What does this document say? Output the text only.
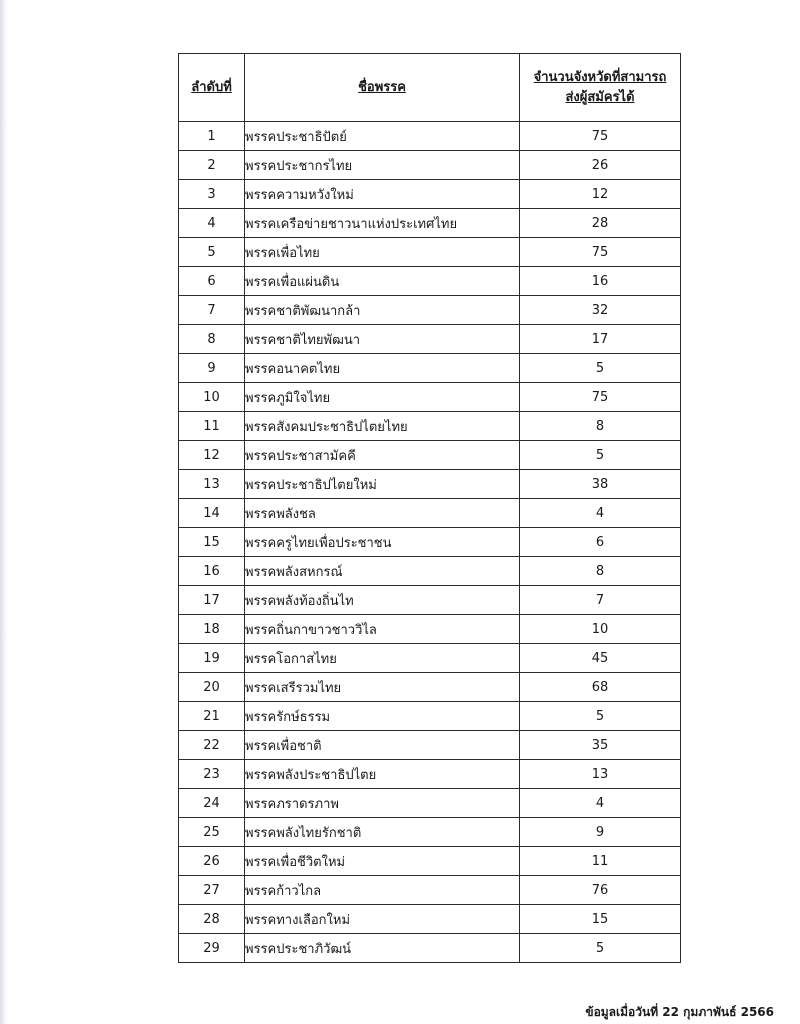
ลำดับที่	ชื่อพรรค	จำนวนจังหวัดที่สามารถ
ส่งผู้สมัครได้
1	พรรคประชาธิปัตย์	75
2	พรรคประชากรไทย	26
3	พรรคความหวังใหม่	12
4	พรรคเครือข่ายชาวนาแห่งประเทศไทย	28
5	พรรคเพื่อไทย	75
6	พรรคเพื่อแผ่นดิน	16
7	พรรคชาติพัฒนากล้า	32
8	พรรคชาติไทยพัฒนา	17
9	พรรคอนาคตไทย	5
10	พรรคภูมิใจไทย	75
11	พรรคสังคมประชาธิปไตยไทย	8
12	พรรคประชาสามัคคี	5
13	พรรคประชาธิปไตยใหม่	38
14	พรรคพลังชล	4
15	พรรคครูไทยเพื่อประชาชน	6
16	พรรคพลังสหกรณ์	8
17	พรรคพลังท้องถิ่นไท	7
18	พรรคถิ่นกาขาวชาววิไล	10
19	พรรคโอกาสไทย	45
20	พรรคเสรีรวมไทย	68
21	พรรครักษ์ธรรม	5
22	พรรคเพื่อชาติ	35
23	พรรคพลังประชาธิปไตย	13
24	พรรคภราดรภาพ	4
25	พรรคพลังไทยรักชาติ	9
26	พรรคเพื่อชีวิตใหม่	11
27	พรรคก้าวไกล	76
28	พรรคทางเลือกใหม่	15
29	พรรคประชาภิวัฒน์	5
ข้อมูลเมื่อวันที่ 22 กุมภาพันธ์ 2566
